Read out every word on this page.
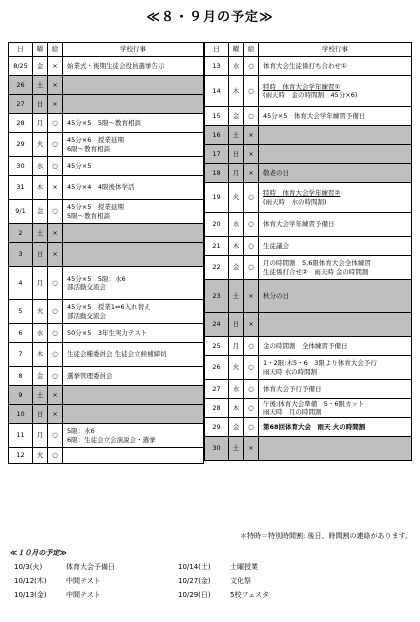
≪８・９月の予定≫
日	曜	給	学校行事
8/25	金	×	始業式・後期生徒会役員選挙告示

26	土	×	

27	日	×	

28	月	○	45分×5　5限～教育相談

29	火	○	45分×6　授業延期
6限～教育相談

30	水	○	45分×5

31	木	×	45分×4　4限後体学活

9/1	金	○	45分×5　授業延期
5限～教育相談

2	土	×	

3	日	×	

4	月	○	45分×5　5限：水6
部活動交流会

5	火	○	45分×5　授業1⇔6入れ替え
部活動交流会

6	水	○	50分×5　3年生実力テスト

7	木	○	生徒会種委員会 生徒会立候補締切

8	金	○	選挙管理委員会

9	土	×	

10	日	×	

11	月	○	5限：水6
6限：生徒会立会演説会・選挙

12	火	○	
日	曜	給	学校行事
13	水	○	体育大会生徒係打ち合わせ①

14	木	○	特時　体育大会学年練習①
(雨天時　金の時間割　45分×6)

15	金	○	45分×5　体育大会学年練習予備日

16	土	×	

17	日	×	

18	月	×	敬老の日

19	火	○	特時　体育大会学年練習②
(雨天時　水の時間割)

20	水	○	体育大会学年練習予備日

21	木	○	生徒議会

22	金	○	月の時間割　5,6限体育大会全体練習
生徒係打合せ②　雨天時 金の時間割

23	土	×	秋分の日

24	日	×	

25	月	○	金の時間割　全体練習予備日

26	火	○	1・2限:木5・6　3限より体育大会予行
雨天時 水の時間割

27	水	○	体育大会予行予備日

28	木	○	午後:体育大会準備　5・6限カット
雨天時　月の時間割

29	金	○	第68回体育大会　雨天 火の時間割

30	土	×	
＊特時＝特別時間割: 後日、時間割の連絡があります。
≪１０月の予定≫
10/3(火)	体育大会予備日
10/12(木)	中間テスト
10/13(金)	中間テスト
10/14(土)	土曜授業
10/27(金)	文化祭
10/29(日)	5校フェスタ
